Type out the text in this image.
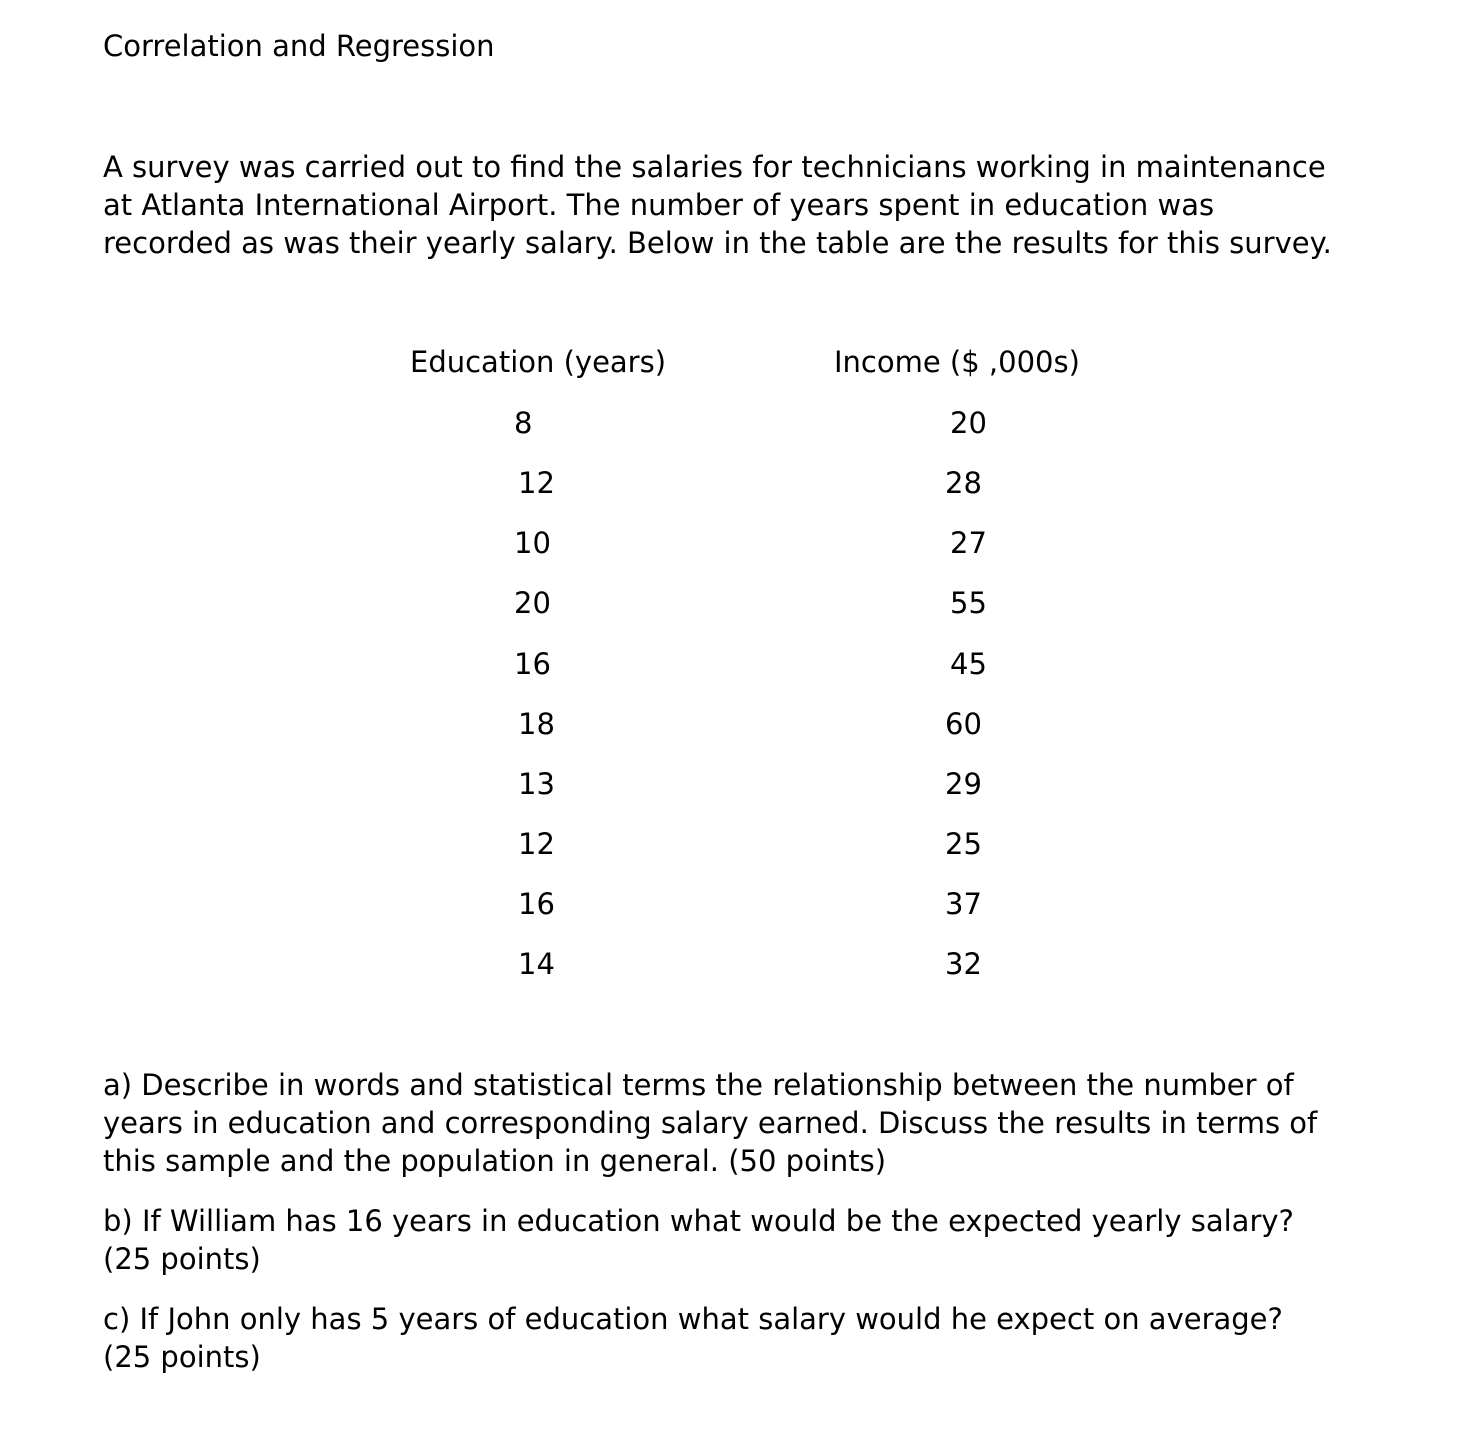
Correlation and Regression
A survey was carried out to find the salaries for technicians working in maintenance
at Atlanta International Airport. The number of years spent in education was
recorded as was their yearly salary. Below in the table are the results for this survey.
Education (years)	Income ($ ,000s)
8	20
12	28
10	27
20	55
16	45
18	60
13	29
12	25
16	37
14	32
a) Describe in words and statistical terms the relationship between the number of
years in education and corresponding salary earned. Discuss the results in terms of
this sample and the population in general. (50 points)
b) If William has 16 years in education what would be the expected yearly salary?
(25 points)
c) If John only has 5 years of education what salary would he expect on average?
(25 points)
